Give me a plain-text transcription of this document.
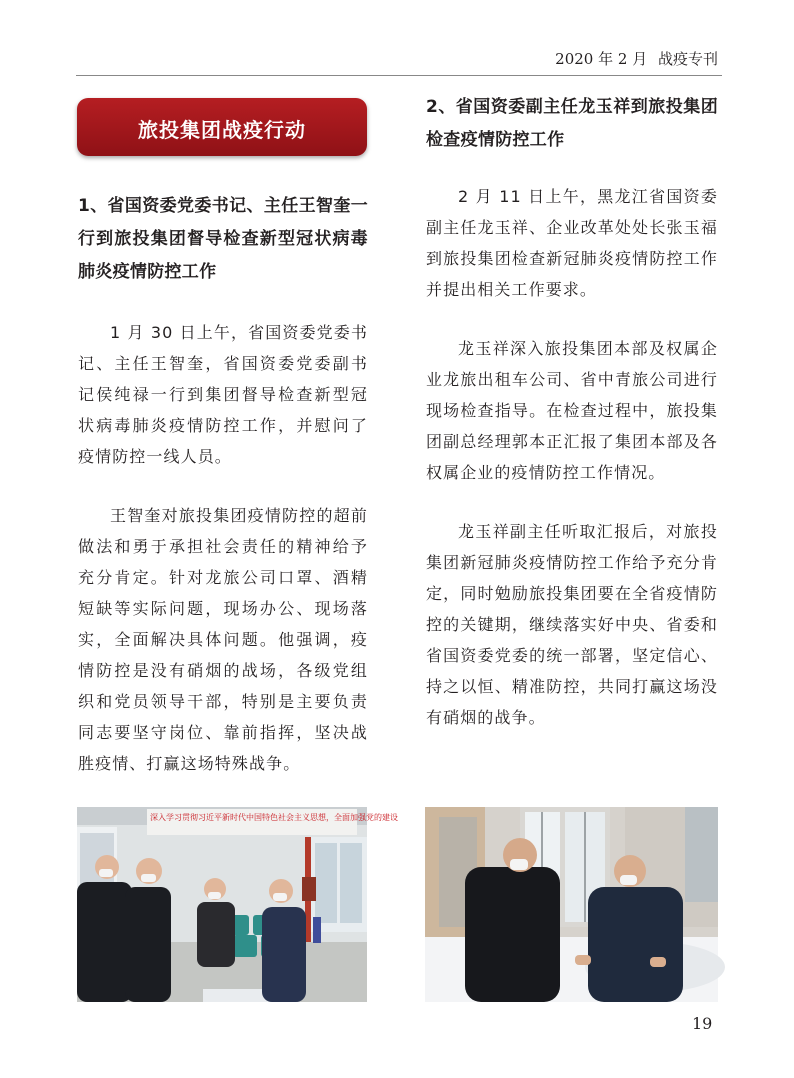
2020 年 2 月 战疫专刊
旅投集团战疫行动
1、省国资委党委书记、主任王智奎一行到旅投集团督导检查新型冠状病毒肺炎疫情防控工作
1 月 30 日上午，省国资委党委书记、主任王智奎，省国资委党委副书记侯纯禄一行到集团督导检查新型冠状病毒肺炎疫情防控工作，并慰问了疫情防控一线人员。
王智奎对旅投集团疫情防控的超前做法和勇于承担社会责任的精神给予充分肯定。针对龙旅公司口罩、酒精短缺等实际问题，现场办公、现场落实，全面解决具体问题。他强调，疫情防控是没有硝烟的战场，各级党组织和党员领导干部，特别是主要负责同志要坚守岗位、靠前指挥，坚决战胜疫情、打赢这场特殊战争。
2、省国资委副主任龙玉祥到旅投集团检查疫情防控工作
2 月 11 日上午，黑龙江省国资委副主任龙玉祥、企业改革处处长张玉福到旅投集团检查新冠肺炎疫情防控工作并提出相关工作要求。
龙玉祥深入旅投集团本部及权属企业龙旅出租车公司、省中青旅公司进行现场检查指导。在检查过程中，旅投集团副总经理郭本正汇报了集团本部及各权属企业的疫情防控工作情况。
龙玉祥副主任听取汇报后，对旅投集团新冠肺炎疫情防控工作给予充分肯定，同时勉励旅投集团要在全省疫情防控的关键期，继续落实好中央、省委和省国资委党委的统一部署，坚定信心、持之以恒、精准防控，共同打赢这场没有硝烟的战争。
深入学习贯彻习近平新时代中国特色社会主义思想，全面加强党的建设
19
